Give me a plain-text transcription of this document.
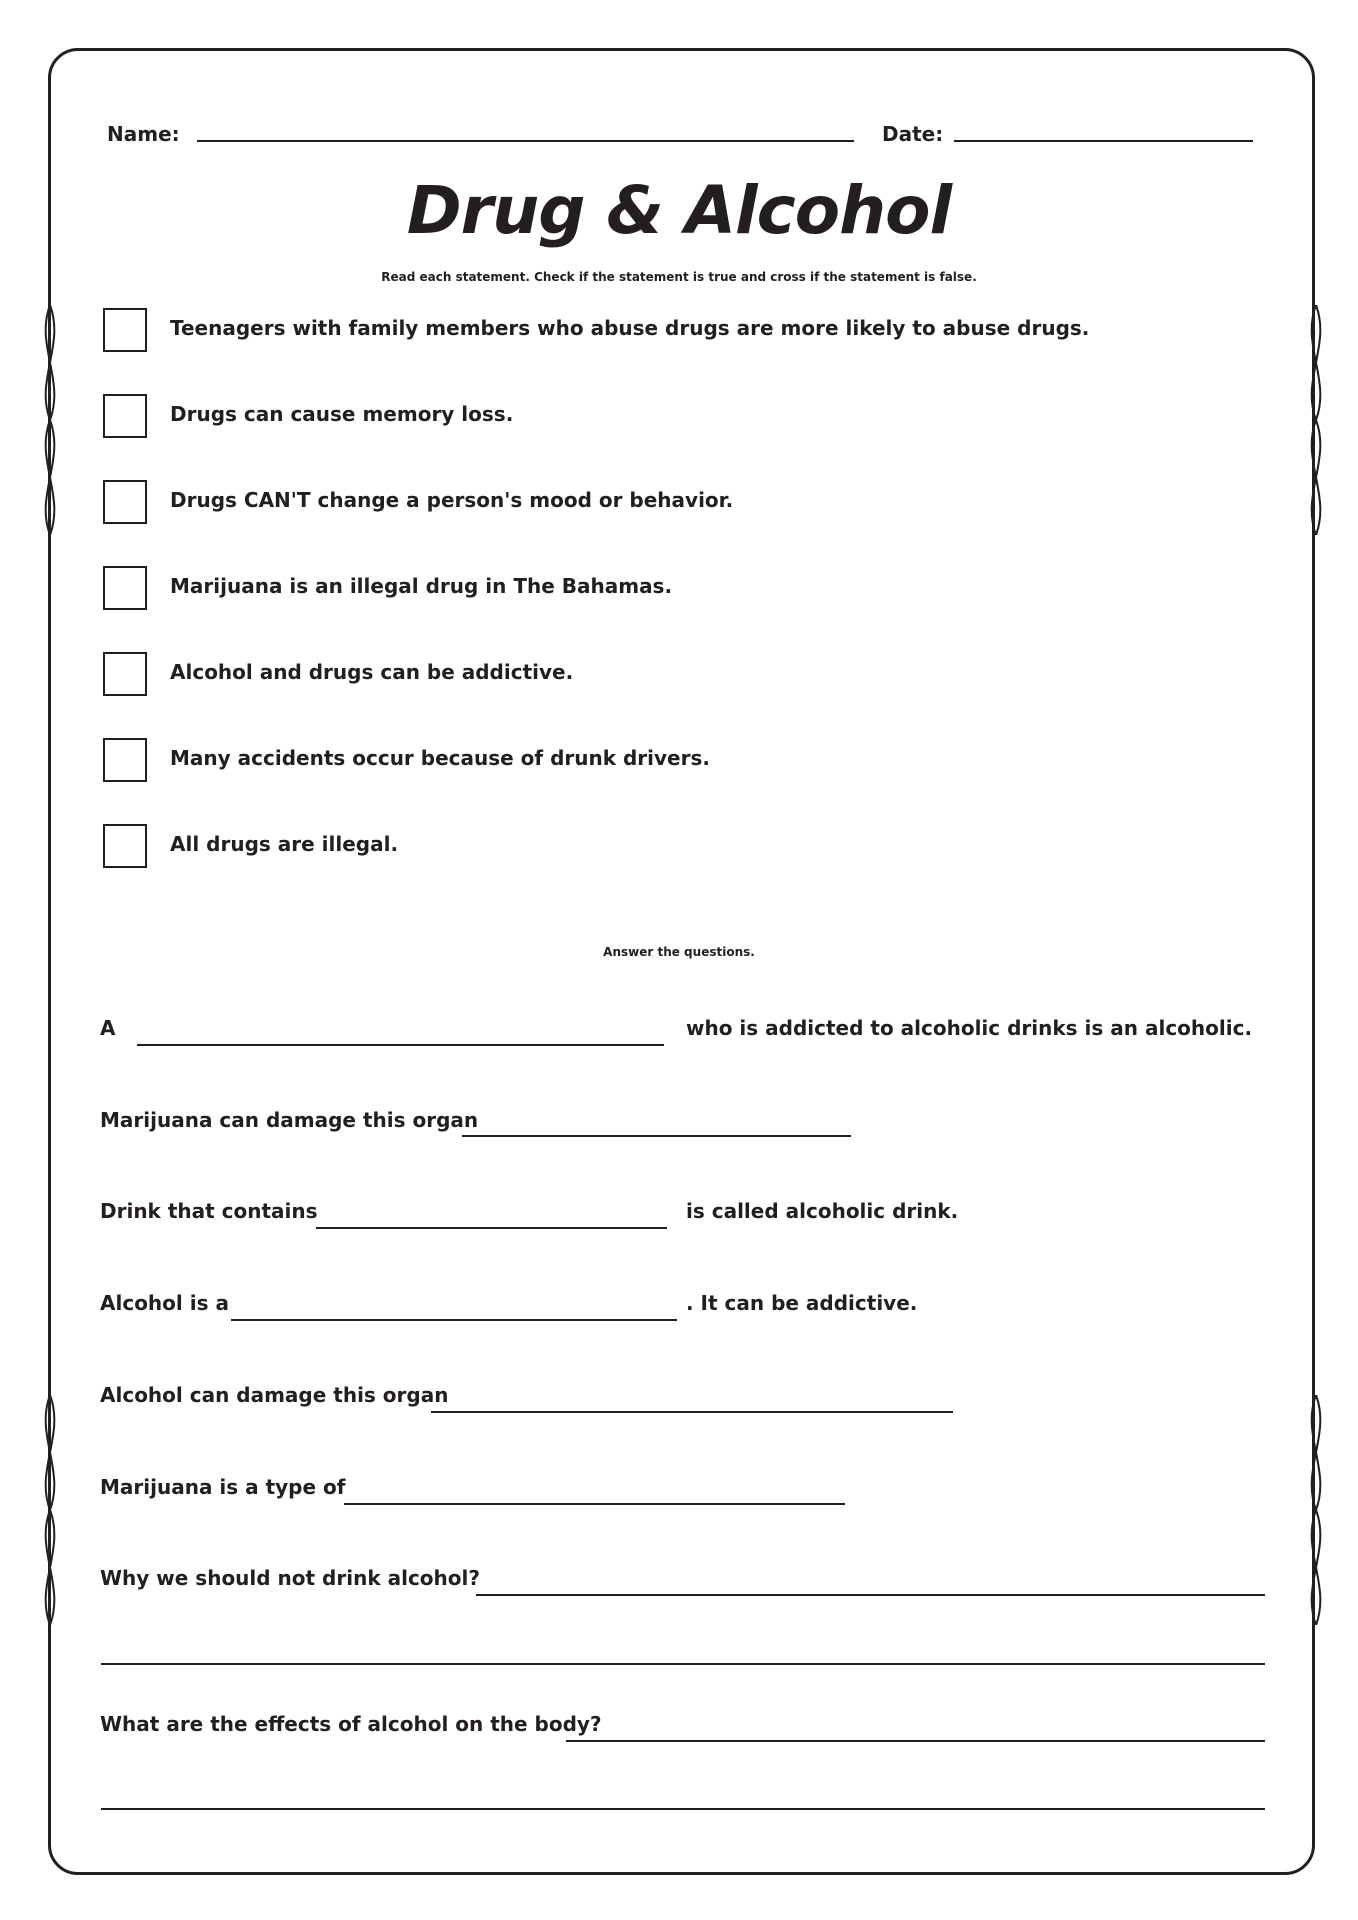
Name:	Date:
Drug & Alcohol
Read each statement. Check if the statement is true and cross if the statement is false.
Teenagers with family members who abuse drugs are more likely to abuse drugs.
Drugs can cause memory loss.
Drugs CAN'T change a person's mood or behavior.
Marijuana is an illegal drug in The Bahamas.
Alcohol and drugs can be addictive.
Many accidents occur because of drunk drivers.
All drugs are illegal.
Answer the questions.
A	who is addicted to alcoholic drinks is an alcoholic.
Marijuana can damage this organ
Drink that contains	is called alcoholic drink.
Alcohol is a	. It can be addictive.
Alcohol can damage this organ
Marijuana is a type of
Why we should not drink alcohol?
What are the effects of alcohol on the body?
